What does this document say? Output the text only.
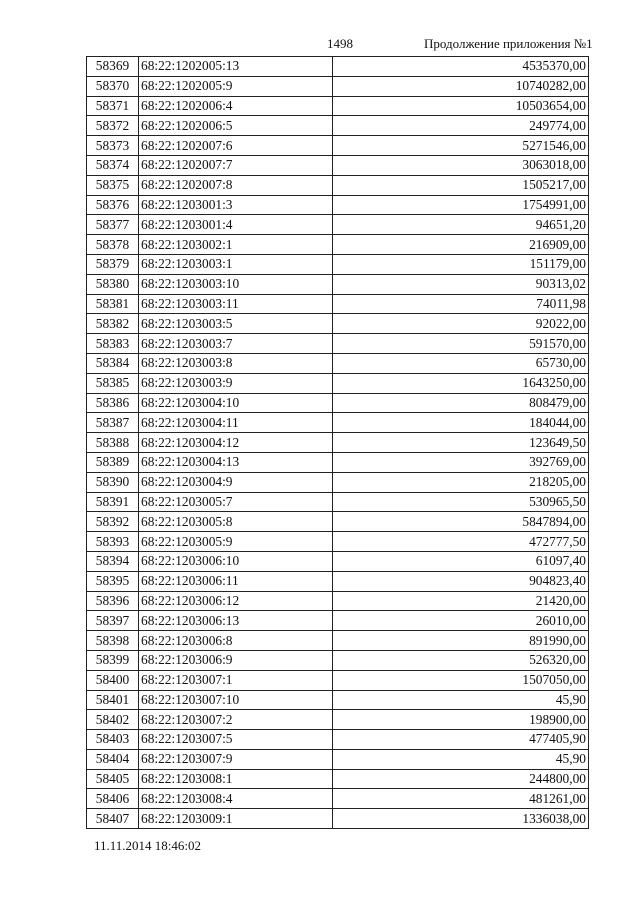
1498	Продолжение приложения №1
58369	68:22:1202005:13	4535370,00
58370	68:22:1202005:9	10740282,00
58371	68:22:1202006:4	10503654,00
58372	68:22:1202006:5	249774,00
58373	68:22:1202007:6	5271546,00
58374	68:22:1202007:7	3063018,00
58375	68:22:1202007:8	1505217,00
58376	68:22:1203001:3	1754991,00
58377	68:22:1203001:4	94651,20
58378	68:22:1203002:1	216909,00
58379	68:22:1203003:1	151179,00
58380	68:22:1203003:10	90313,02
58381	68:22:1203003:11	74011,98
58382	68:22:1203003:5	92022,00
58383	68:22:1203003:7	591570,00
58384	68:22:1203003:8	65730,00
58385	68:22:1203003:9	1643250,00
58386	68:22:1203004:10	808479,00
58387	68:22:1203004:11	184044,00
58388	68:22:1203004:12	123649,50
58389	68:22:1203004:13	392769,00
58390	68:22:1203004:9	218205,00
58391	68:22:1203005:7	530965,50
58392	68:22:1203005:8	5847894,00
58393	68:22:1203005:9	472777,50
58394	68:22:1203006:10	61097,40
58395	68:22:1203006:11	904823,40
58396	68:22:1203006:12	21420,00
58397	68:22:1203006:13	26010,00
58398	68:22:1203006:8	891990,00
58399	68:22:1203006:9	526320,00
58400	68:22:1203007:1	1507050,00
58401	68:22:1203007:10	45,90
58402	68:22:1203007:2	198900,00
58403	68:22:1203007:5	477405,90
58404	68:22:1203007:9	45,90
58405	68:22:1203008:1	244800,00
58406	68:22:1203008:4	481261,00
58407	68:22:1203009:1	1336038,00
11.11.2014 18:46:02
